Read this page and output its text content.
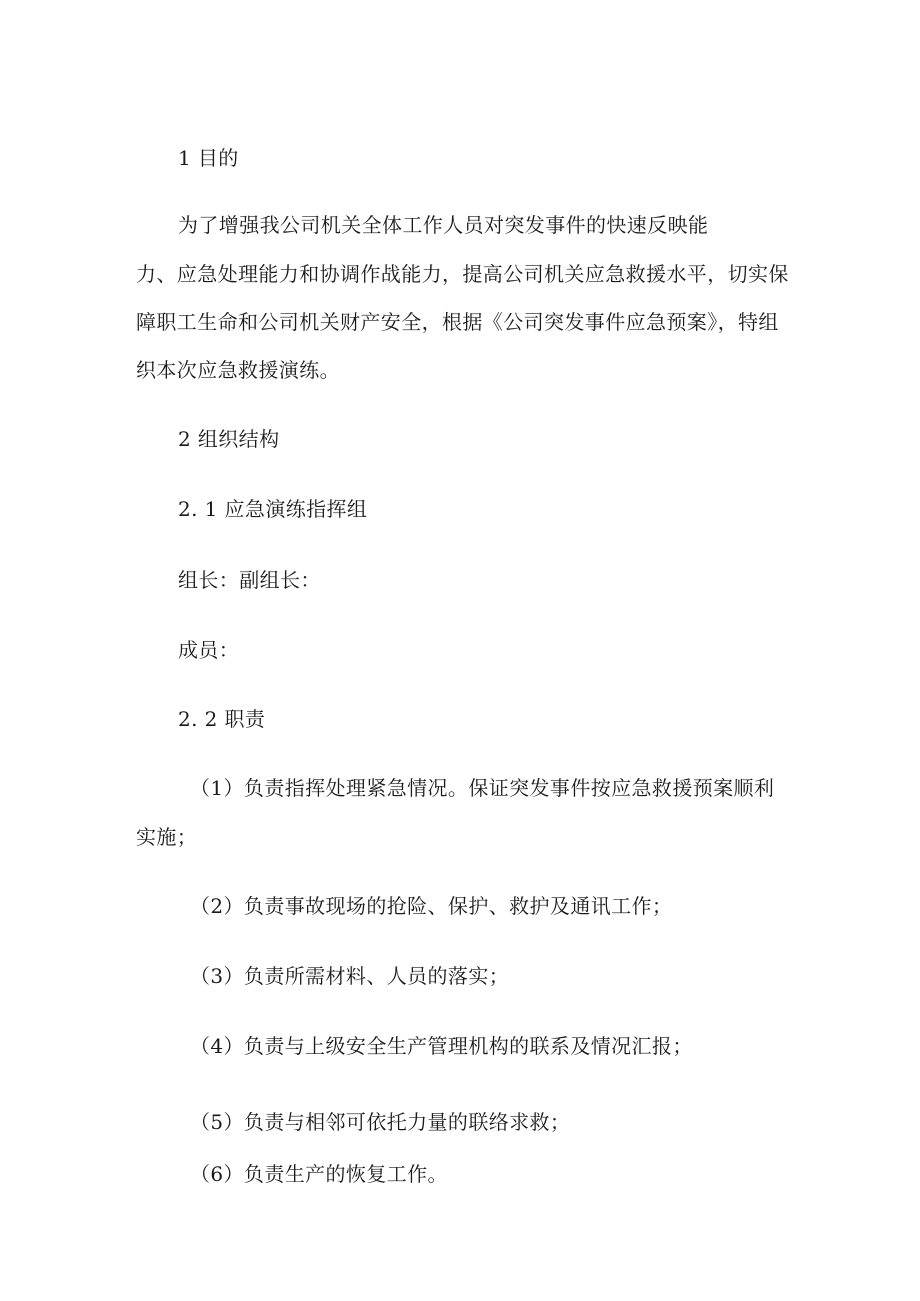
1 目的
为了增强我公司机关全体工作人员对突发事件的快速反映能
力、应急处理能力和协调作战能力，提高公司机关应急救援水平，切实保
障职工生命和公司机关财产安全，根据《公司突发事件应急预案》，特组
织本次应急救援演练。
2 组织结构
2. 1 应急演练指挥组
组长：副组长：
成员：
2. 2 职责
（1）负责指挥处理紧急情况。保证突发事件按应急救援预案顺利
实施；
（2）负责事故现场的抢险、保护、救护及通讯工作；
（3）负责所需材料、人员的落实；
（4）负责与上级安全生产管理机构的联系及情况汇报；
（5）负责与相邻可依托力量的联络求救；
（6）负责生产的恢复工作。
